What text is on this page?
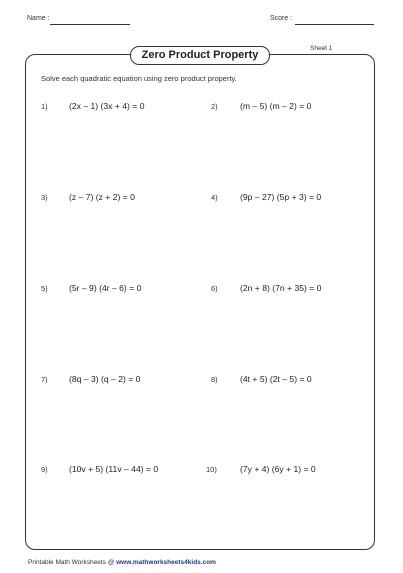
Name :	Score :
Zero Product Property
Sheet 1
Solve each quadratic equation using zero product property.
1) (2x – 1) (3x + 4) = 0	2)	(m – 5) (m – 2) = 0
3) (z – 7) (z + 2) = 0	4)	(9p – 27) (5p + 3) = 0
5) (5r – 9) (4r – 6) = 0	6)	(2n + 8) (7n + 35) = 0
7) (8q – 3) (q – 2) = 0	8)	(4t + 5) (2t – 5) = 0
9) (10v + 5) (11v – 44) = 0	10)	(7y + 4) (6y + 1) = 0
Printable Math Worksheets @ www.mathworksheets4kids.com
